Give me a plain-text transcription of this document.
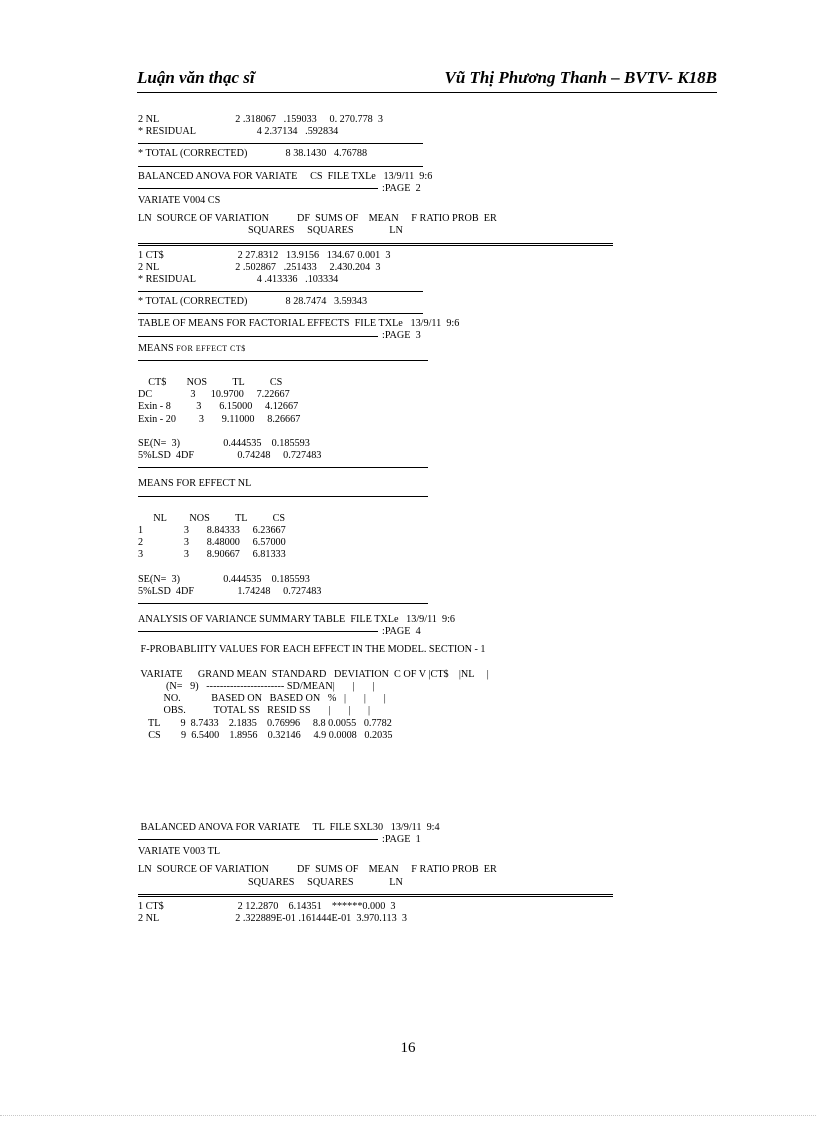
Luận văn thạc sĩ	Vũ Thị Phương Thanh – BVTV- K18B
2 NL                              2 .318067   .159033     0. 270.778  3
* RESIDUAL                        4 2.37134   .592834
* TOTAL (CORRECTED)               8 38.1430   4.76788
BALANCED ANOVA FOR VARIATE     CS  FILE TXLe   13/9/11  9:6
:PAGE  2
VARIATE V004 CS
LN  SOURCE OF VARIATION           DF  SUMS OF    MEAN     F RATIO PROB  ER
SQUARES     SQUARES              LN
1 CT$                             2 27.8312   13.9156   134.67 0.001  3
2 NL                              2 .502867   .251433     2.430.204  3
* RESIDUAL                        4 .413336   .103334
* TOTAL (CORRECTED)               8 28.7474   3.59343
TABLE OF MEANS FOR FACTORIAL EFFECTS  FILE TXLe   13/9/11  9:6
:PAGE  3
MEANS FOR EFFECT CT$
CT$        NOS          TL          CS
DC               3      10.9700     7.22667
Exin - 8          3       6.15000     4.12667
Exin - 20         3       9.11000     8.26667
SE(N=  3)                 0.444535    0.185593
5%LSD  4DF                 0.74248     0.727483
MEANS FOR EFFECT NL
NL         NOS          TL          CS
1                3       8.84333     6.23667
2                3       8.48000     6.57000
3                3       8.90667     6.81333
SE(N=  3)                 0.444535    0.185593
5%LSD  4DF                 1.74248     0.727483
ANALYSIS OF VARIANCE SUMMARY TABLE  FILE TXLe   13/9/11  9:6
:PAGE  4
F-PROBABLIITY VALUES FOR EACH EFFECT IN THE MODEL. SECTION - 1
VARIATE      GRAND MEAN  STANDARD   DEVIATION  C OF V |CT$    |NL     |
(N=   9)   ----------------------- SD/MEAN|       |       |
NO.            BASED ON   BASED ON   %   |       |       |
OBS.           TOTAL SS   RESID SS       |       |       |
TL        9  8.7433    2.1835    0.76996     8.8 0.0055   0.7782
CS        9  6.5400    1.8956    0.32146     4.9 0.0008   0.2035
BALANCED ANOVA FOR VARIATE     TL  FILE SXL30   13/9/11  9:4
:PAGE  1
VARIATE V003 TL
LN  SOURCE OF VARIATION           DF  SUMS OF    MEAN     F RATIO PROB  ER
SQUARES     SQUARES              LN
1 CT$                             2 12.2870    6.14351    ******0.000  3
2 NL                              2 .322889E-01 .161444E-01  3.970.113  3
16
